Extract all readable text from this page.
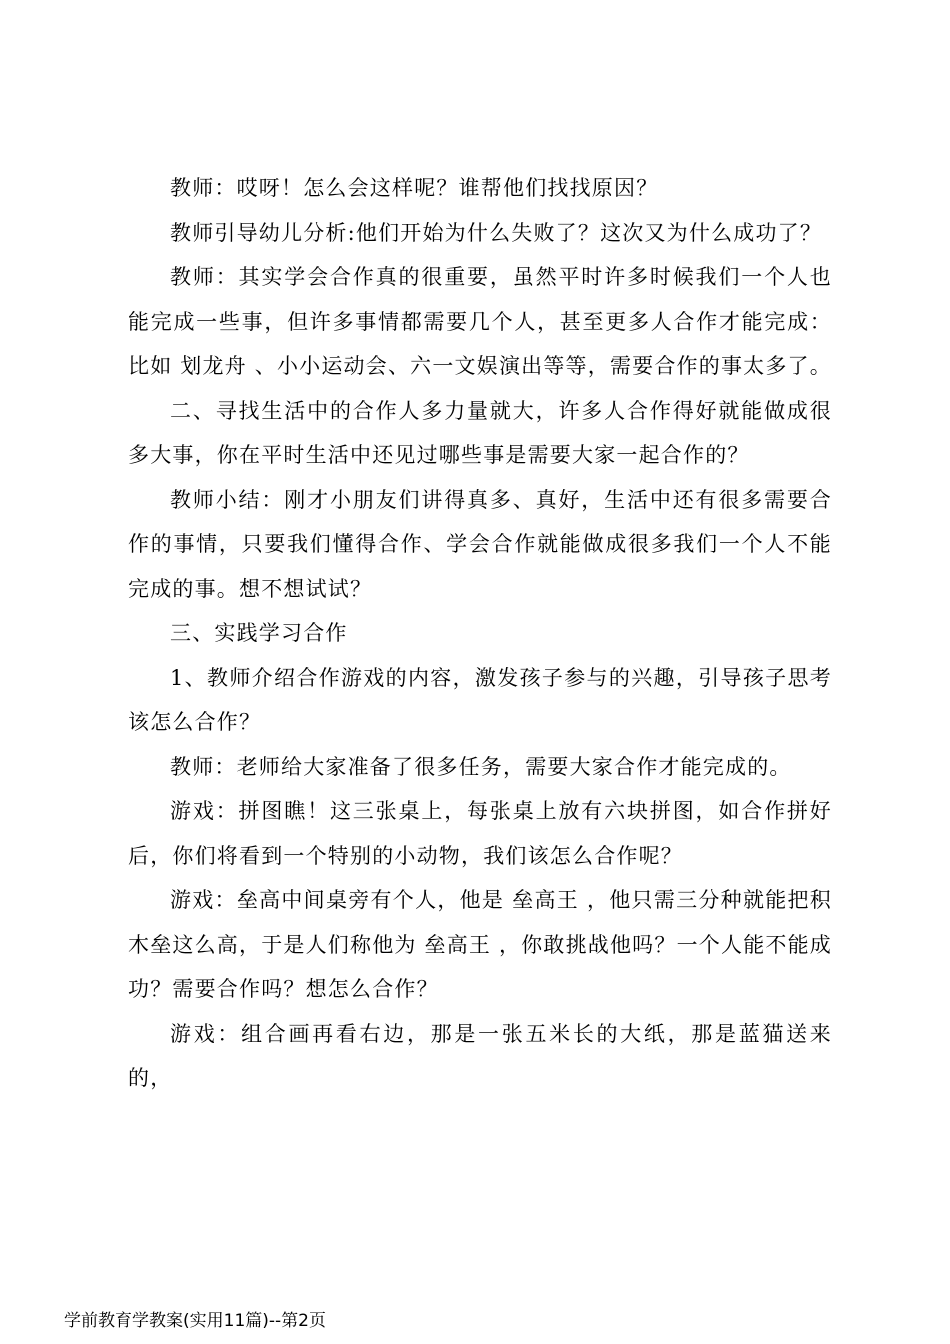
教师：哎呀！怎么会这样呢？谁帮他们找找原因？

教师引导幼儿分析:他们开始为什么失败了？这次又为什么成功了？

教师：其实学会合作真的很重要，虽然平时许多时候我们一个人也能完成一些事，但许多事情都需要几个人，甚至更多人合作才能完成：比如 划龙舟 、小小运动会、六一文娱演出等等，需要合作的事太多了。

二、寻找生活中的合作人多力量就大，许多人合作得好就能做成很多大事，你在平时生活中还见过哪些事是需要大家一起合作的？

教师小结：刚才小朋友们讲得真多、真好，生活中还有很多需要合作的事情，只要我们懂得合作、学会合作就能做成很多我们一个人不能完成的事。想不想试试？

三、实践学习合作

1、教师介绍合作游戏的内容，激发孩子参与的兴趣，引导孩子思考该怎么合作？

教师：老师给大家准备了很多任务，需要大家合作才能完成的。

游戏：拼图瞧！这三张桌上，每张桌上放有六块拼图，如合作拼好后，你们将看到一个特别的小动物，我们该怎么合作呢？

游戏：垒高中间桌旁有个人，他是 垒高王 ，他只需三分种就能把积木垒这么高，于是人们称他为 垒高王 ，你敢挑战他吗？一个人能不能成功？需要合作吗？想怎么合作？

游戏：组合画再看右边，那是一张五米长的大纸，那是蓝猫送来的，

学前教育学教案(实用11篇)--第2页
